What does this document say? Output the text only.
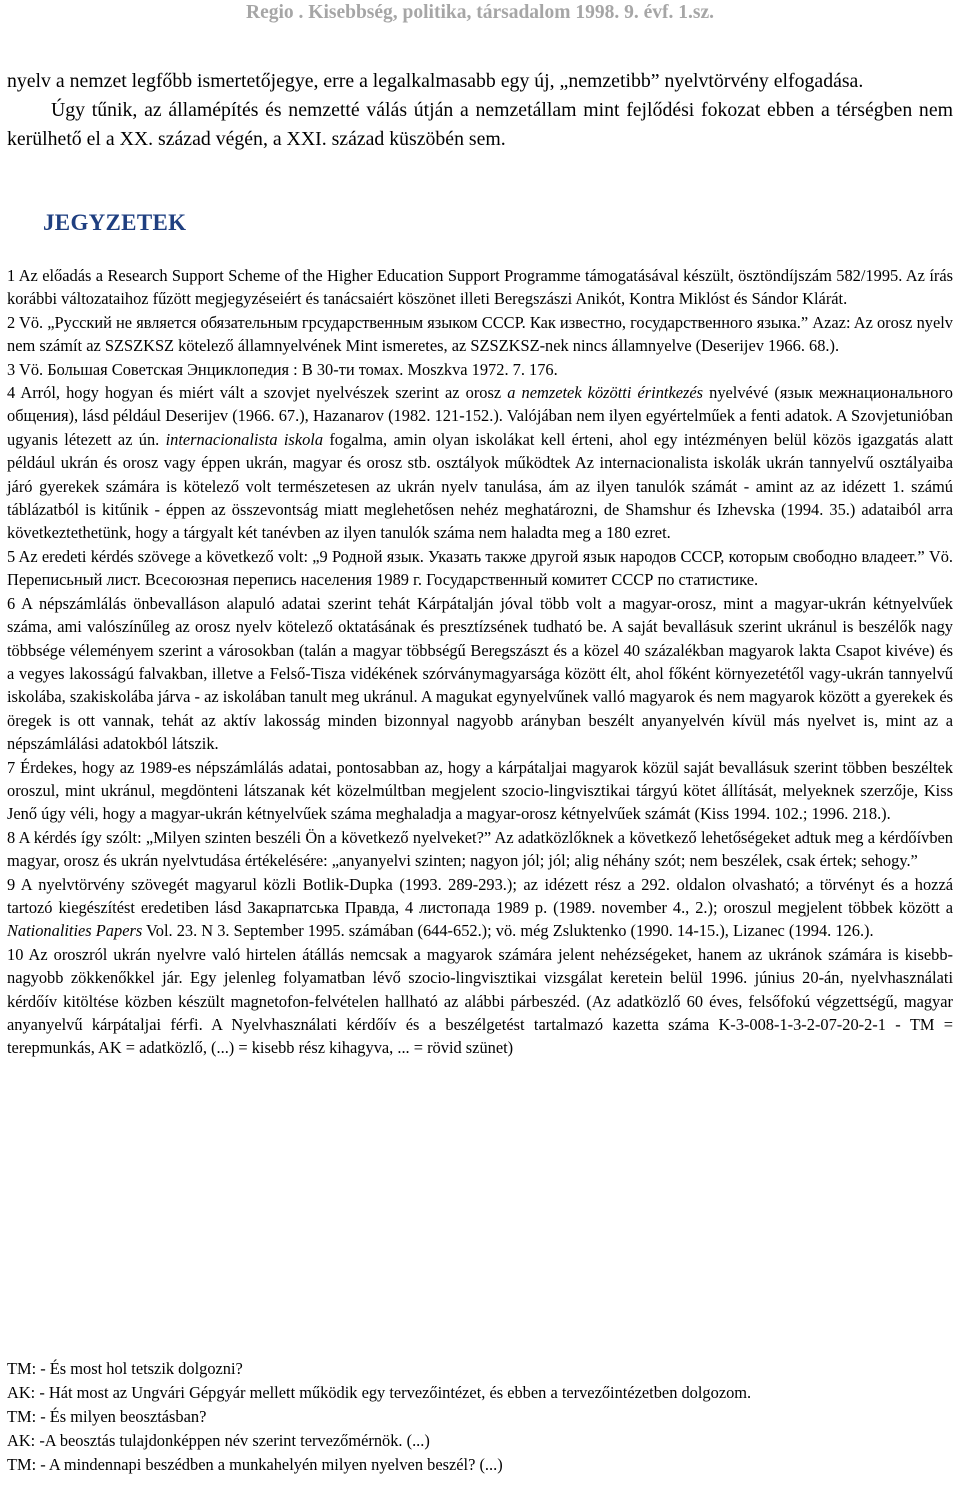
Regio . Kisebbség, politika, társadalom 1998. 9. évf. 1.sz.

nyelv a nemzet legfőbb ismertetőjegye, erre a legalkalmasabb egy új, „nemzetibb” nyelvtörvény elfogadása.

Úgy tűnik, az államépítés és nemzetté válás útján a nemzetállam mint fejlődési fokozat ebben a térségben nem kerülhető el a XX. század végén, a XXI. század küszöbén sem.

JEGYZETEK

1 Az előadás a Research Support Scheme of the Higher Education Support Programme támogatásával készült, ösztöndíjszám 582/1995. Az írás korábbi változataihoz fűzött megjegyzéseiért és tanácsaiért köszönet illeti Beregszászi Anikót, Kontra Miklóst és Sándor Klárát.

2 Vö. „Русский не является обязательным грсударственным языком СССР. Как известно, государственного языка.” Azaz: Az orosz nyelv nem számít az SZSZKSZ kötelező államnyelvének Mint ismeretes, az SZSZKSZ-nek nincs államnyelve (Deserijev 1966. 68.).

3 Vö. Большая Советская Энциклопедия : В 30-ти томах. Moszkva 1972. 7. 176.

4 Arról, hogy hogyan és miért vált a szovjet nyelvészek szerint az orosz a nemzetek közötti érintkezés nyelvévé (язык межнационального общения), lásd például Deserijev (1966. 67.), Hazanarov (1982. 121-152.). Valójában nem ilyen egyértelműek a fenti adatok. A Szovjetunióban ugyanis létezett az ún. internacionalista iskola fogalma, amin olyan iskolákat kell érteni, ahol egy intézményen belül közös igazgatás alatt például ukrán és orosz vagy éppen ukrán, magyar és orosz stb. osztályok működtek Az internacionalista iskolák ukrán tannyelvű osztályaiba járó gyerekek számára is kötelező volt természetesen az ukrán nyelv tanulása, ám az ilyen tanulók számát - amint az az idézett 1. számú táblázatból is kitűnik - éppen az összevontság miatt meglehetősen nehéz meghatározni, de Shamshur és Izhevska (1994. 35.) adataiból arra következtethetünk, hogy a tárgyalt két tanévben az ilyen tanulók száma nem haladta meg a 180 ezret.

5 Az eredeti kérdés szövege a következő volt: „9 Родной язык. Указать также другой язык народов СССР, которым свободно владеет.” Vö. Переписьный лист. Всесоюзная перепись населения 1989 г. Государственный комитет СССР по статистике.

6 A népszámlálás önbevalláson alapuló adatai szerint tehát Kárpátalján jóval több volt a magyar-orosz, mint a magyar-ukrán kétnyelvűek száma, ami valószínűleg az orosz nyelv kötelező oktatásának és presztízsének tudható be. A saját bevallásuk szerint ukránul is beszélők nagy többsége véleményem szerint a városokban (talán a magyar többségű Beregszászt és a közel 40 százalékban magyarok lakta Csapot kivéve) és a vegyes lakosságú falvakban, illetve a Felső-Tisza vidékének szórványmagyarsága között élt, ahol főként környezetétől vagy-ukrán tannyelvű iskolába, szakiskolába járva - az iskolában tanult meg ukránul. A magukat egynyelvűnek valló magyarok és nem magyarok között a gyerekek és öregek is ott vannak, tehát az aktív lakosság minden bizonnyal nagyobb arányban beszélt anyanyelvén kívül más nyelvet is, mint az a népszámlálási adatokból látszik.

7 Érdekes, hogy az 1989-es népszámlálás adatai, pontosabban az, hogy a kárpátaljai magyarok közül saját bevallásuk szerint többen beszéltek oroszul, mint ukránul, megdönteni látszanak két közelmúltban megjelent szocio-lingvisztikai tárgyú kötet állítását, melyeknek szerzője, Kiss Jenő úgy véli, hogy a magyar-ukrán kétnyelvűek száma meghaladja a magyar-orosz kétnyelvűek számát (Kiss 1994. 102.; 1996. 218.).

8 A kérdés így szólt: „Milyen szinten beszéli Ön a következő nyelveket?” Az adatközlőknek a következő lehetőségeket adtuk meg a kérdőívben magyar, orosz és ukrán nyelvtudása értékelésére: „anyanyelvi szinten; nagyon jól; jól; alig néhány szót; nem beszélek, csak értek; sehogy.”

9 A nyelvtörvény szövegét magyarul közli Botlik-Dupka (1993. 289-293.); az idézett rész a 292. oldalon olvasható; a törvényt és a hozzá tartozó kiegészítést eredetiben lásd Закарпатська Правда, 4 листопада 1989 р. (1989. november 4., 2.); oroszul megjelent többek között a Nationalities Papers Vol. 23. N 3. September 1995. számában (644-652.); vö. még Zsluktenko (1990. 14-15.), Lizanec (1994. 126.).

10 Az oroszról ukrán nyelvre való hirtelen átállás nemcsak a magyarok számára jelent nehézségeket, hanem az ukránok számára is kisebb-nagyobb zökkenőkkel jár. Egy jelenleg folyamatban lévő szocio-lingvisztikai vizsgálat keretein belül 1996. június 20-án, nyelvhasználati kérdőív kitöltése közben készült magnetofon-felvételen hallható az alábbi párbeszéd. (Az adatközlő 60 éves, felsőfokú végzettségű, magyar anyanyelvű kárpátaljai férfi. A Nyelvhasználati kérdőív és a beszélgetést tartalmazó kazetta száma K-3-008-1-3-2-07-20-2-1 - TM = terepmunkás, AK = adatközlő, (...) = kisebb rész kihagyva, ... = rövid szünet)

TM: - És most hol tetszik dolgozni?

AK: - Hát most az Ungvári Gépgyár mellett működik egy tervezőintézet, és ebben a tervezőintézetben dolgozom.

TM: - És milyen beosztásban?

AK: -A beosztás tulajdonképpen név szerint tervezőmérnök. (...)

TM: - A mindennapi beszédben a munkahelyén milyen nyelven beszél? (...)
